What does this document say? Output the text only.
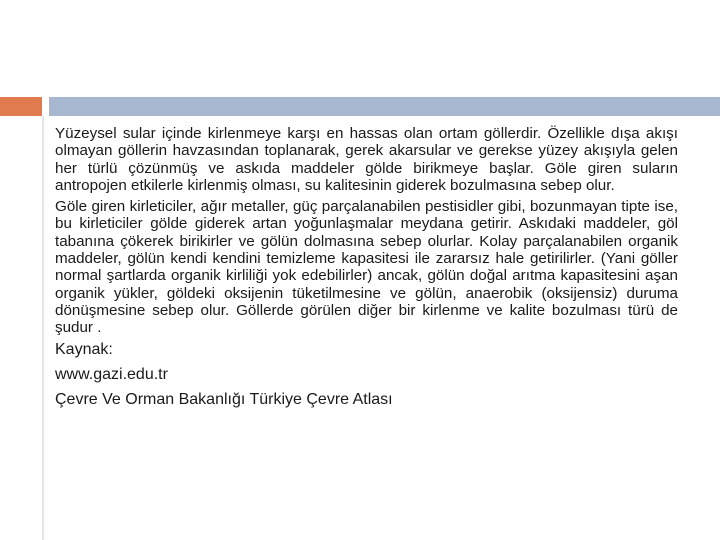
Yüzeysel sular içinde kirlenmeye karşı en hassas olan ortam göllerdir. Özellikle dışa akışı olmayan göllerin havzasından toplanarak, gerek akarsular ve gerekse yüzey akışıyla gelen her türlü çözünmüş ve askıda maddeler gölde birikmeye başlar. Göle giren suların antropojen etkilerle kirlenmiş olması, su kalitesinin giderek bozulmasına sebep olur.

Göle giren kirleticiler, ağır metaller, güç parçalanabilen pestisidler gibi, bozunmayan tipte ise, bu kirleticiler gölde giderek artan yoğunlaşmalar meydana getirir. Askıdaki maddeler, göl tabanına çökerek birikirler ve gölün dolmasına sebep olurlar. Kolay parçalanabilen organik maddeler, gölün kendi kendini temizleme kapasitesi ile zararsız hale getirilirler. (Yani göller normal şartlarda organik kirliliği yok edebilirler) ancak, gölün doğal arıtma kapasitesini aşan organik yükler, göldeki oksijenin tüketilmesine ve gölün, anaerobik (oksijensiz) duruma dönüşmesine sebep olur. Göllerde görülen diğer bir kirlenme ve kalite bozulması türü de şudur .

Kaynak:

www.gazi.edu.tr

Çevre Ve Orman Bakanlığı Türkiye Çevre Atlası
